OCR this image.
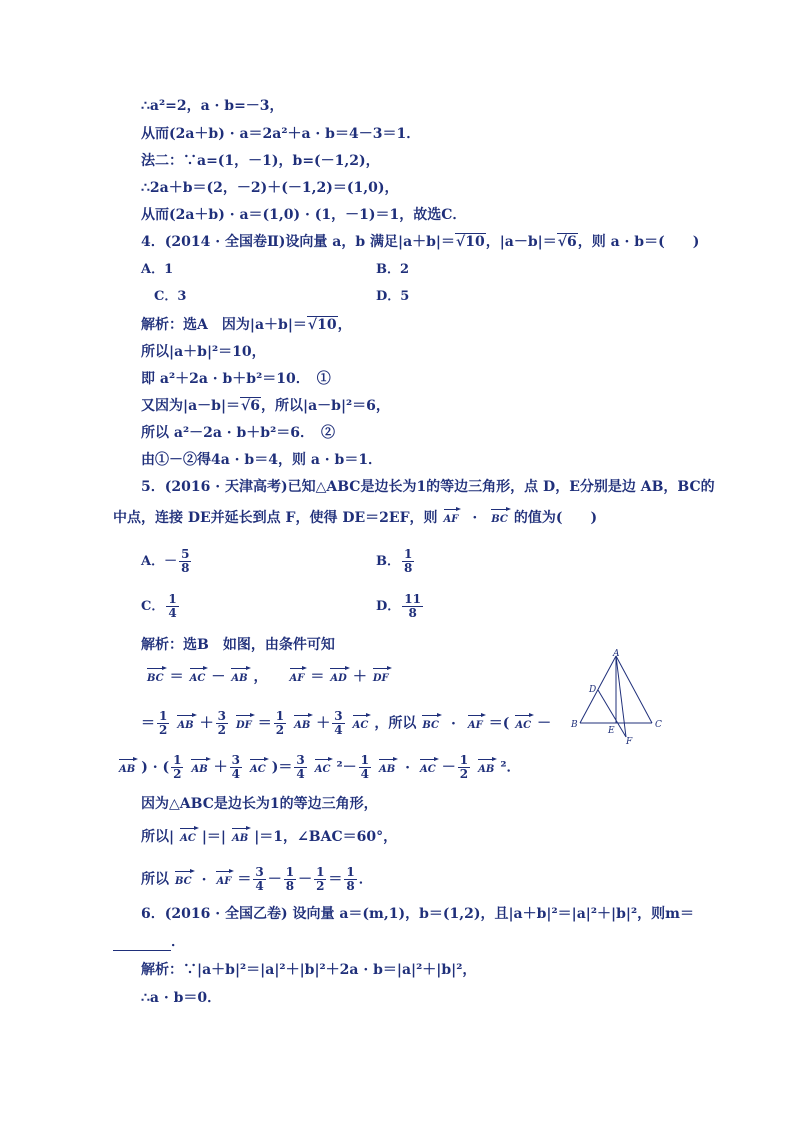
∴a²=2，a · b=－3，
从而(2a＋b) · a＝2a²＋a · b＝4－3＝1．
法二：∵a=(1，－1)，b=(－1,2)，
∴2a＋b＝(2，－2)＋(－1,2)＝(1,0)，
从而(2a＋b) · a＝(1,0) · (1，－1)＝1，故选C．
4．(2014 · 全国卷Ⅱ)设向量 a，b 满足|a＋b|＝√10，|a－b|＝√6，则 a · b＝(　　)
A．1	B．2
C．3	D．5
解析：选A　因为|a＋b|＝√10，
所以|a＋b|²＝10，
即 a²＋2a · b＋b²＝10．　①
又因为|a－b|＝√6，所以|a－b|²＝6，
所以 a²－2a · b＋b²＝6．　②
由①－②得4a · b＝4，则 a · b＝1．
5．(2016 · 天津高考)已知△ABC是边长为1的等边三角形，点 D，E分别是边 AB，BC的
中点，连接 DE并延长到点 F，使得 DE＝2EF，则 AF · BC 的值为(　　)
A．－ $\frac{5}{8}$	B． $\frac{1}{8}$
C． $\frac{1}{4}$	D． $\frac{11}{8}$
解析：选B　如图，由条件可知
BC ＝ AC － AB ， AF ＝ AD ＋ DF
＝ $\frac{1}{2}$ AB ＋ $\frac{3}{2}$ DF ＝ $\frac{1}{2}$ AB ＋ $\frac{3}{4}$ AC ，所以 BC · AF ＝( AC －
AB ) · ( $\frac{1}{2}$ AB ＋ $\frac{3}{4}$ AC )＝ $\frac{3}{4}$ AC $^2- \frac{1}{4}$ AB · AC － $\frac{1}{2}$ AB ²．
因为△ABC是边长为1的等边三角形，
所以| AC |＝| AB |＝1，∠BAC＝60°，
所以 BC · AF ＝ $\frac{3}{4} - \frac{1}{8} - \frac{1}{2} = \frac{1}{8}$ ．
A
B	C
D
E
F
6．(2016 · 全国乙卷) 设向量 a＝(m,1)，b＝(1,2)，且|a＋b|²＝|a|²＋|b|²，则m＝
．
解析：∵|a＋b|²＝|a|²＋|b|²＋2a · b＝|a|²＋|b|²，
∴a · b＝0．
